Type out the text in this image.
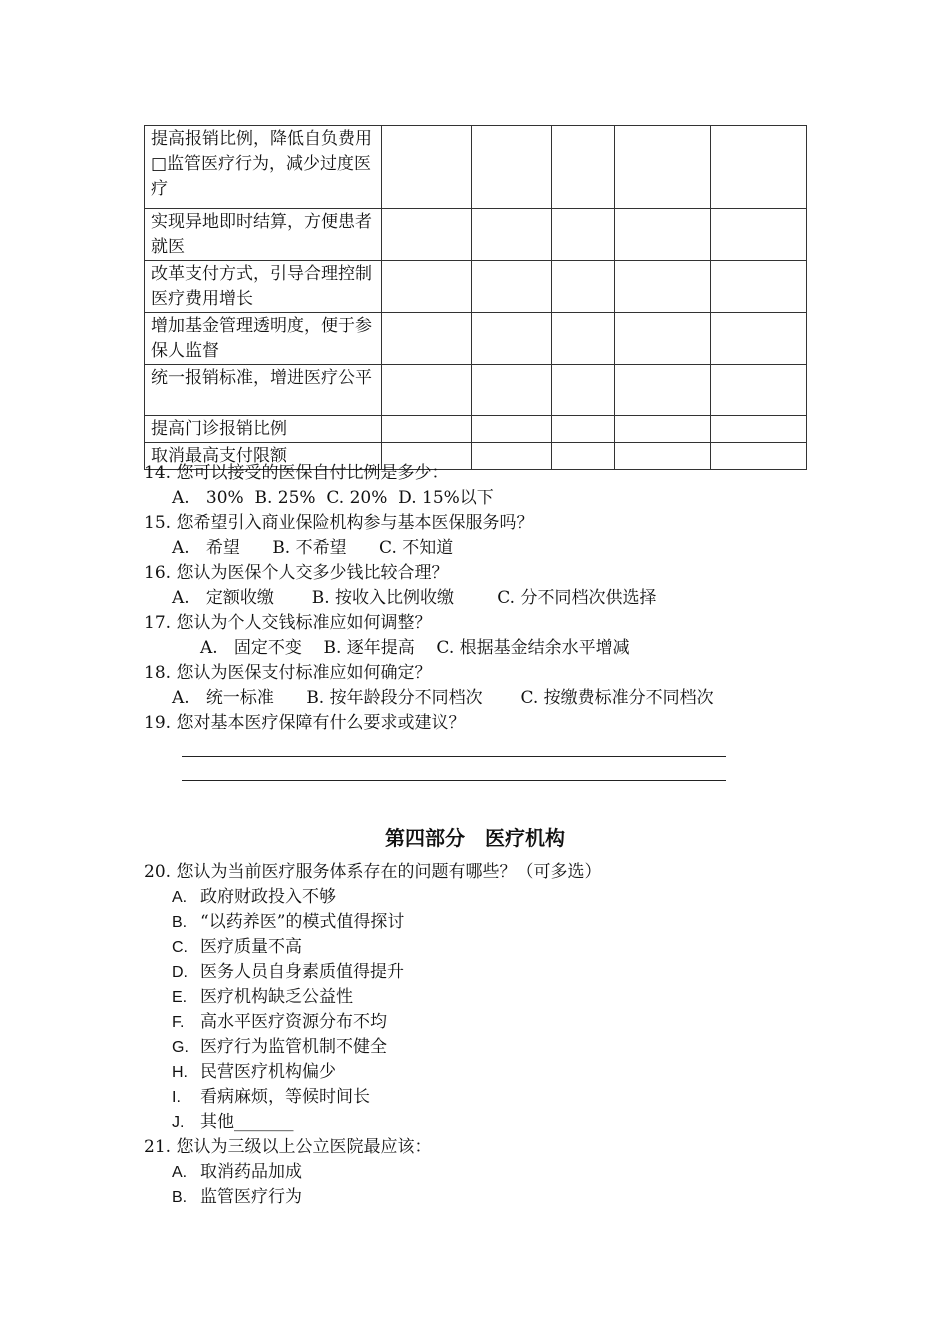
提高报销比例，降低自负费用□监管医疗行为，减少过度医疗					
实现异地即时结算，方便患者就医					
改革支付方式，引导合理控制医疗费用增长					
增加基金管理透明度，便于参保人监督					
统一报销标准，增进医疗公平					
提高门诊报销比例					
取消最高支付限额					
14. 您可以接受的医保自付比例是多少：
A.   30%  B. 25%  C. 20%  D. 15%以下
15. 您希望引入商业保险机构参与基本医保服务吗？
A.   希望      B. 不希望      C. 不知道
16. 您认为医保个人交多少钱比较合理？
A.   定额收缴       B. 按收入比例收缴        C. 分不同档次供选择
17. 您认为个人交钱标准应如何调整？
A.   固定不变    B. 逐年提高    C. 根据基金结余水平增减
18. 您认为医保支付标准应如何确定？
A.   统一标准      B. 按年龄段分不同档次       C. 按缴费标准分不同档次
19. 您对基本医疗保障有什么要求或建议？
第四部分　医疗机构
20. 您认为当前医疗服务体系存在的问题有哪些？（可多选）
A. 政府财政投入不够
B. “以药养医”的模式值得探讨
C. 医疗质量不高
D. 医务人员自身素质值得提升
E. 医疗机构缺乏公益性
F. 高水平医疗资源分布不均
G. 医疗行为监管机制不健全
H. 民营医疗机构偏少
I. 看病麻烦，等候时间长
J. 其他_______
21. 您认为三级以上公立医院最应该：
A. 取消药品加成
B. 监管医疗行为
